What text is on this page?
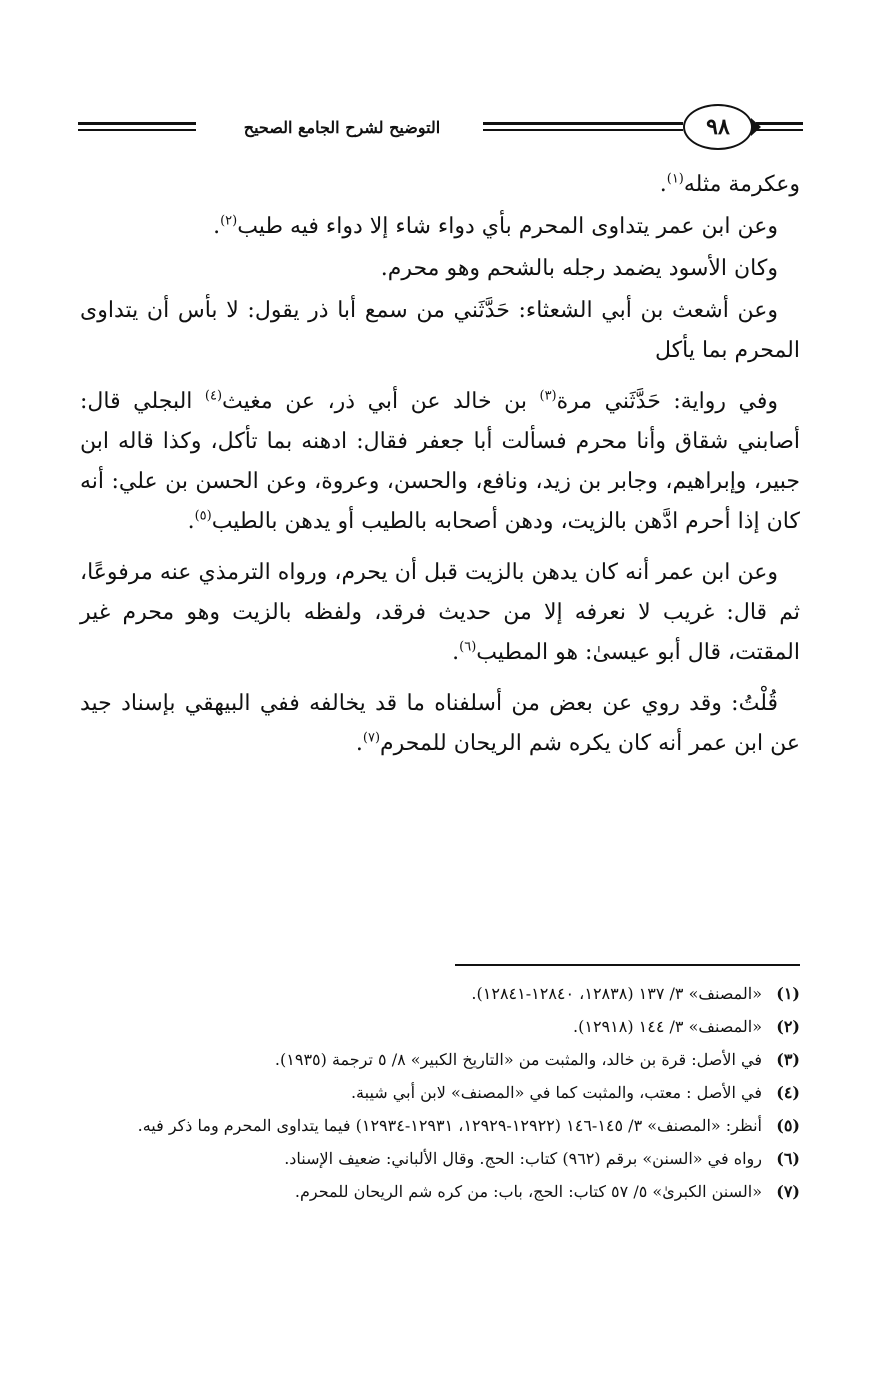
التوضيح لشرح الجامع الصحيح	٩٨

وعكرمة مثله$^{(١)}$.

وعن ابن عمر يتداوى المحرم بأي دواء شاء إلا دواء فيه طيب$^{(٢)}$.

وكان الأسود يضمد رجله بالشحم وهو محرم.

وعن أشعث بن أبي الشعثاء: حَدَّثَني من سمع أبا ذر يقول: لا بأس أن يتداوى المحرم بما يأكل

وفي رواية: حَدَّثَني مرة$^{(٣)}$ بن خالد عن أبي ذر، عن مغيث$^{(٤)}$ البجلي قال: أصابني شقاق وأنا محرم فسألت أبا جعفر فقال: ادهنه بما تأكل، وكذا قاله ابن جبير، وإبراهيم، وجابر بن زيد، ونافع، والحسن، وعروة، وعن الحسن بن علي: أنه كان إذا أحرم ادَّهن بالزيت، ودهن أصحابه بالطيب أو يدهن بالطيب$^{(٥)}$.

وعن ابن عمر أنه كان يدهن بالزيت قبل أن يحرم، ورواه الترمذي عنه مرفوعًا، ثم قال: غريب لا نعرفه إلا من حديث فرقد، ولفظه بالزيت وهو محرم غير المقتت، قال أبو عيسىٰ: هو المطيب$^{(٦)}$.

قُلْتُ: وقد روي عن بعض من أسلفناه ما قد يخالفه ففي البيهقي بإسناد جيد عن ابن عمر أنه كان يكره شم الريحان للمحرم$^{(٧)}$.

(١)
«المصنف» ٣/ ١٣٧ (١٢٨٣٨، ١٢٨٤٠-١٢٨٤١).
(٢)
«المصنف» ٣/ ١٤٤ (١٢٩١٨).
(٣)
في الأصل: قرة بن خالد، والمثبت من «التاريخ الكبير» ٨/ ٥ ترجمة (١٩٣٥).
(٤)
في الأصل : معتب، والمثبت كما في «المصنف» لابن أبي شيبة.
(٥)
أنظر: «المصنف» ٣/ ١٤٥-١٤٦ (١٢٩٢٢-١٢٩٢٩، ١٢٩٣١-١٢٩٣٤) فيما يتداوى المحرم وما ذكر فيه.
(٦)
رواه في «السنن» برقم (٩٦٢) كتاب: الحج. وقال الألباني: ضعيف الإسناد.
(٧)
«السنن الكبرىٰ» ٥/ ٥٧ كتاب: الحج، باب: من كره شم الريحان للمحرم.
